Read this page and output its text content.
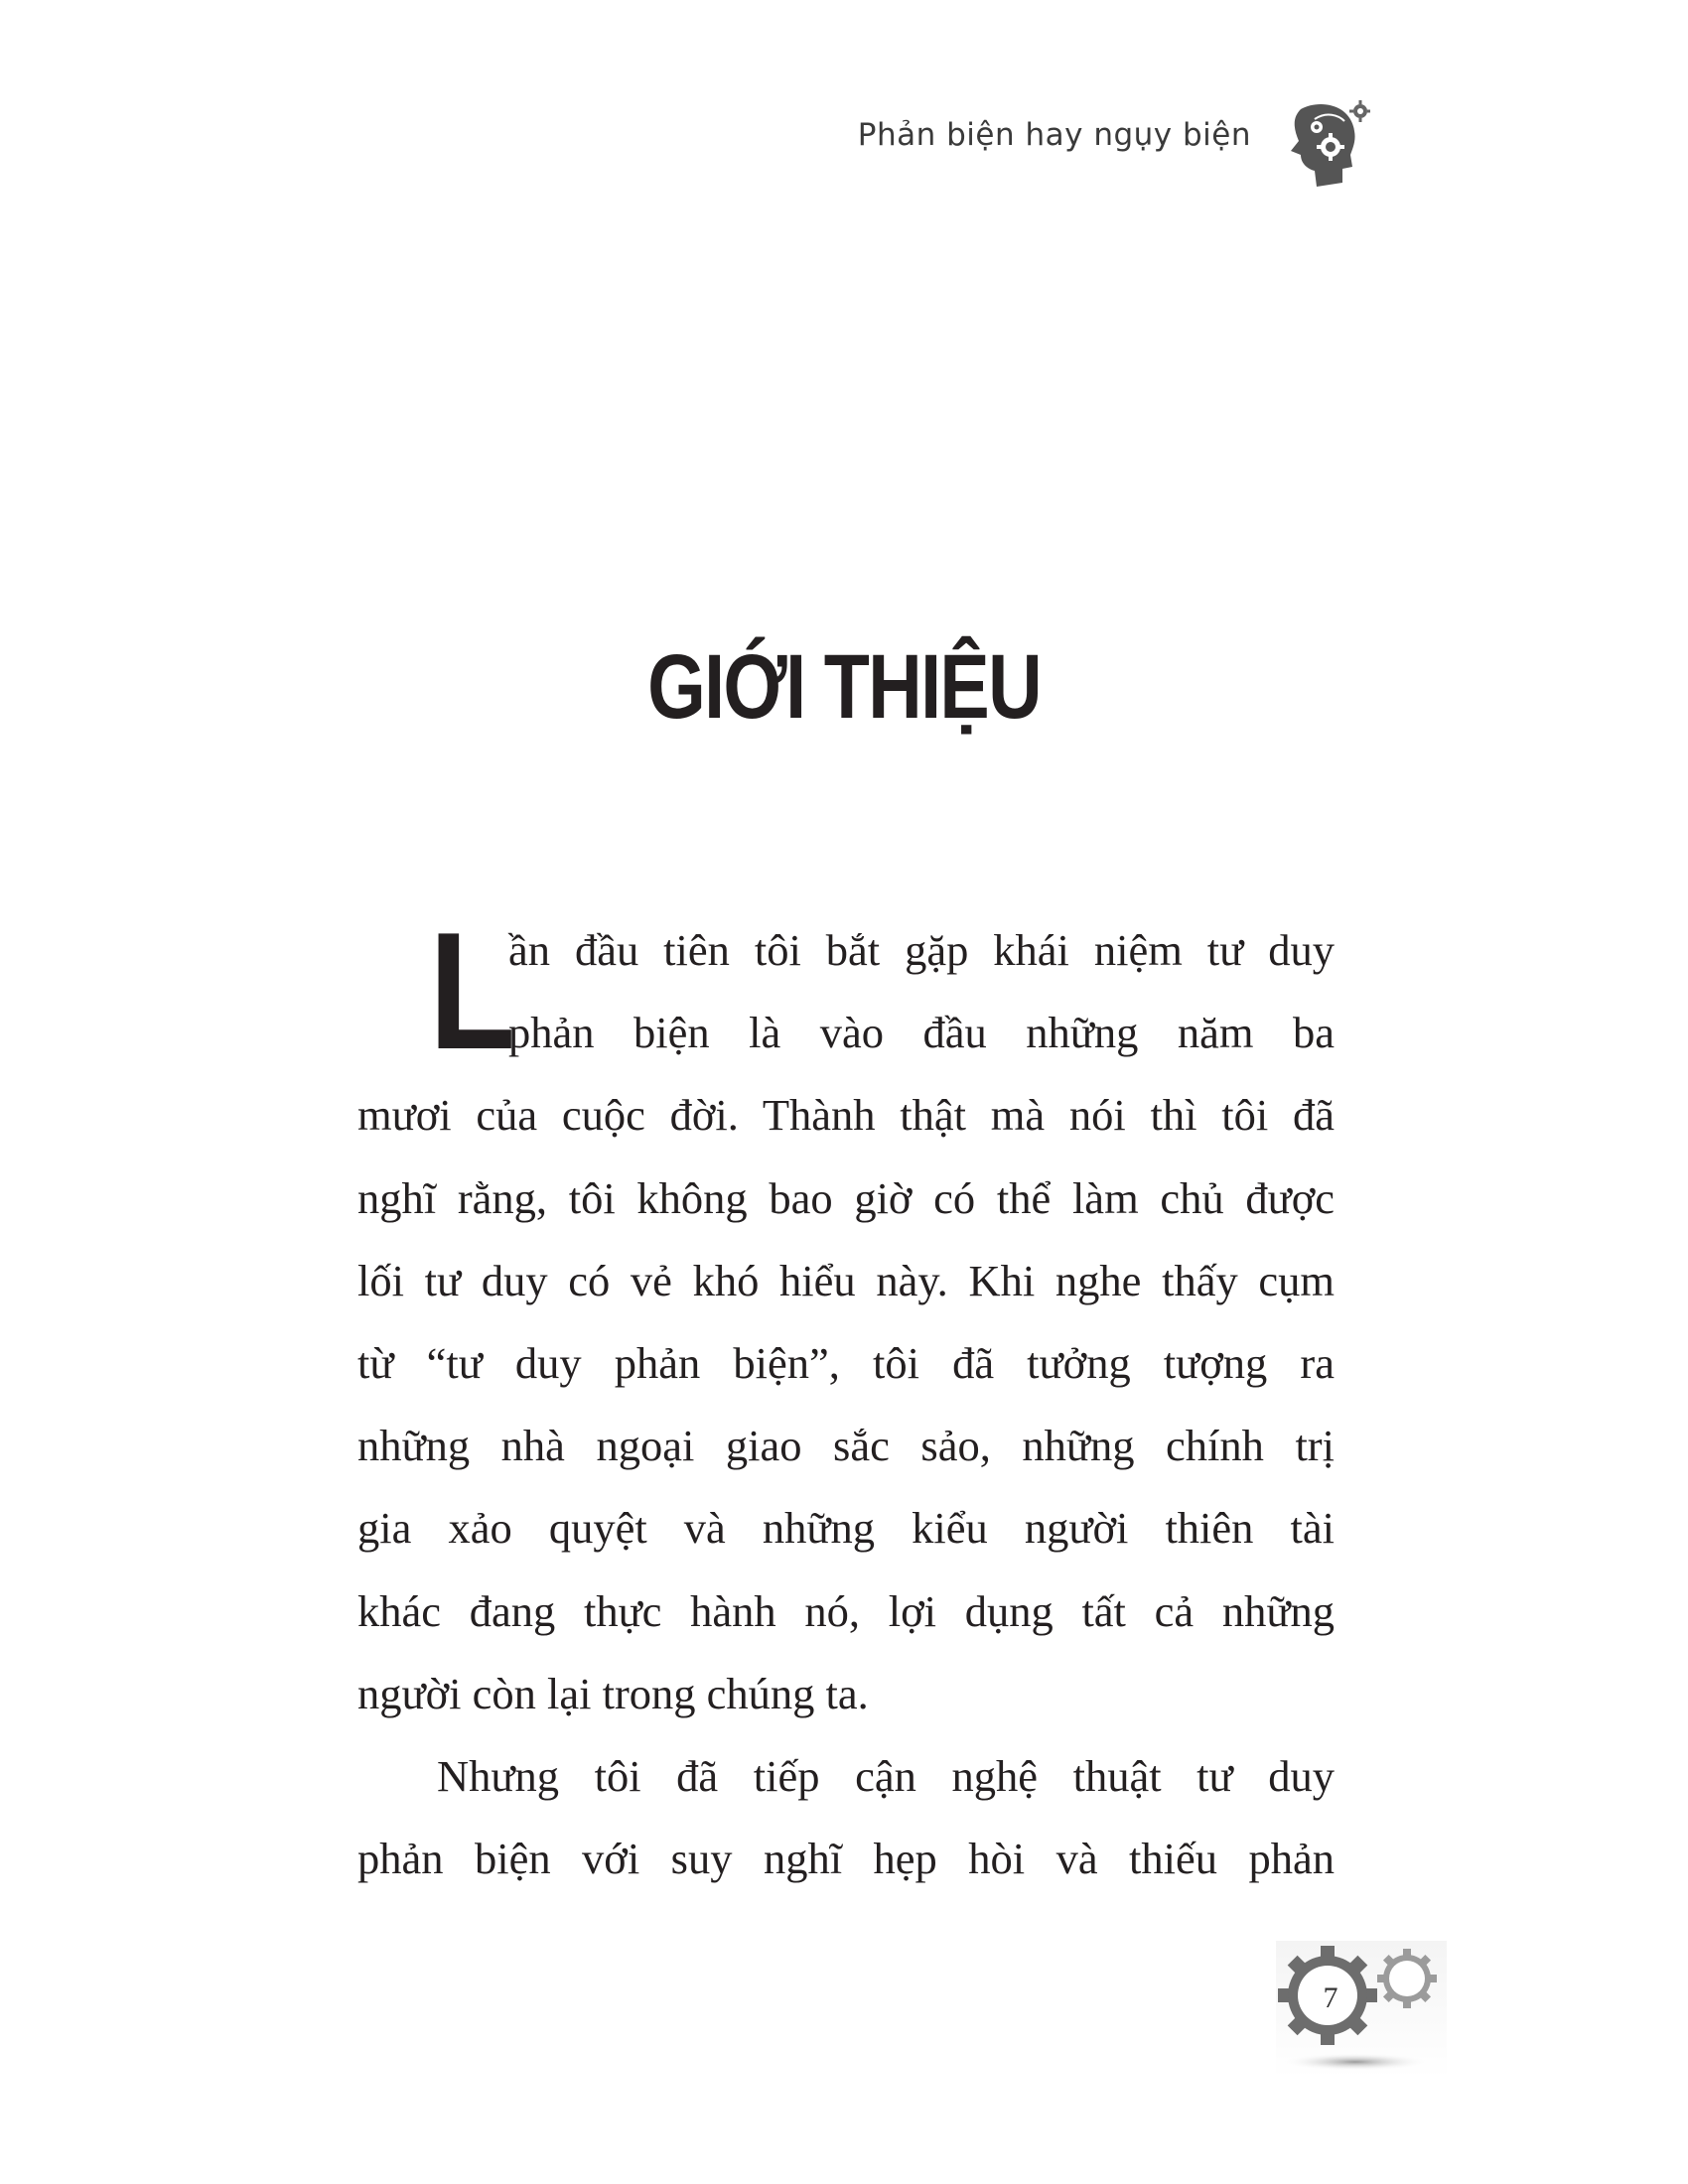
Phản biện hay ngụy biện
GIỚI THIỆU
L
ần đầu tiên tôi bắt gặp khái niệm tư duy
phản biện là vào đầu những năm ba
mươi của cuộc đời. Thành thật mà nói thì tôi đã
nghĩ rằng, tôi không bao giờ có thể làm chủ được
lối tư duy có vẻ khó hiểu này. Khi nghe thấy cụm
từ “tư duy phản biện”, tôi đã tưởng tượng ra
những nhà ngoại giao sắc sảo, những chính trị
gia xảo quyệt và những kiểu người thiên tài
khác đang thực hành nó, lợi dụng tất cả những
người còn lại trong chúng ta.
Nhưng tôi đã tiếp cận nghệ thuật tư duy
phản biện với suy nghĩ hẹp hòi và thiếu phản
7
